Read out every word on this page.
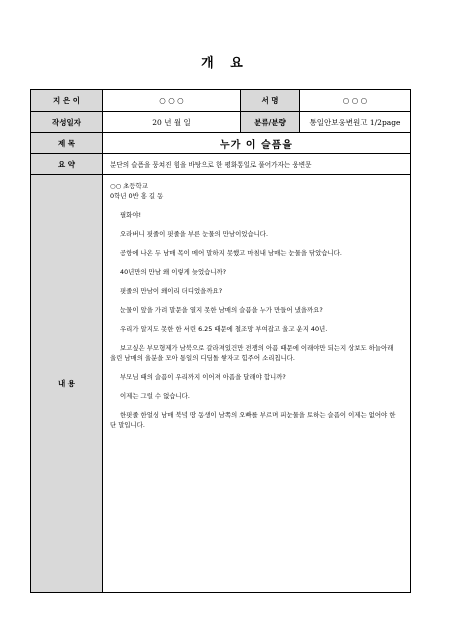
개 요
지 은 이	○ ○ ○	서 명	○ ○ ○
작성일자	20 년 월 일	분류/분량	통일안보웅변원고 1/2page
제 목	누가 이 슬픔을
요 약	분단의 슬픔을 뭉쳐진 힘을 바탕으로 한 평화통일로 풀어가자는 웅변문
내 용

○○ 초등학교

0학년 0반 홍 길 동

필화야!

오라버니 핏줄이 핏줄을 부른 눈물의 만남이었습니다.

공항에 나온 두 남매 목이 메어 말하지 못했고 마침내 남매는 눈물을 닦았습니다.

40년만의 만남 왜 이렇게 늦었습니까?

핏줄의 만남이 왜이리 더디었을까요?

눈물이 앞을 가려 말문을 열지 못한 남매의 슬픔을 누가 만들어 냈을까요?

우리가 알지도 못한 한 서린 6.25 때문에 철조망 부여잡고 울고 운지 40년.

보고싶은 부모형제가 남북으로 갈라져있건만 전쟁의 아픔 때문에 이래야만 되는지 상보도 하늘아래 울린 남매의 울분을 모아 통일의 디딤돌 쌓자고 힘주어 소리칩니다.

부모님 때의 슬픔이 우리까지 이어져 아픔을 달래야 합니까?

이제는 그럴 수 없습니다.

한핏줄 한얼싱 남매 북녘 땅 동생이 남쪽의 오빠를 부르며 피눈물을 토하는 슬픔이 이제는 없어야 한단 말입니다.
